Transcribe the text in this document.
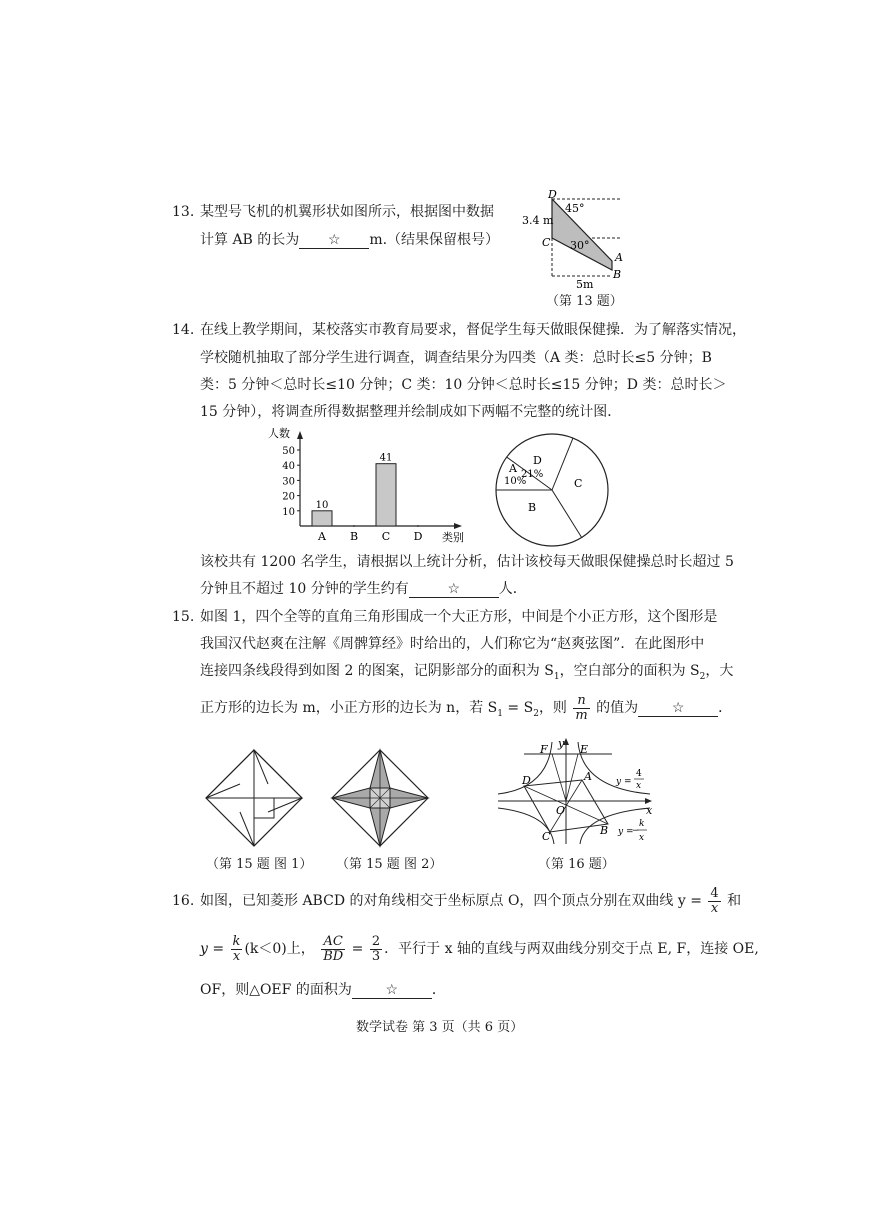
13. 某型号飞机的机翼形状如图所示，根据图中数据
计算 AB 的长为 ☆ m.（结果保留根号）
D
C
A
B
3.4 m
5m
45°
30°
（第 13 题）
14. 在线上教学期间，某校落实市教育局要求，督促学生每天做眼保健操．为了解落实情况，
学校随机抽取了部分学生进行调查，调查结果分为四类（A 类：总时长≤5 分钟；B
类：5 分钟＜总时长≤10 分钟；C 类：10 分钟＜总时长≤15 分钟；D 类：总时长＞
15 分钟），将调查所得数据整理并绘制成如下两幅不完整的统计图．
人数
类别
10
20
30
40
50
10
41
A B C D
D
21%
A
10%
B
C
该校共有 1200 名学生，请根据以上统计分析，估计该校每天做眼保健操总时长超过 5
分钟且不超过 10 分钟的学生约有	☆	人．
15. 如图 1，四个全等的直角三角形围成一个大正方形，中间是个小正方形，这个图形是
我国汉代赵爽在注解《周髀算经》时给出的，人们称它为“赵爽弦图”．在此图形中
连接四条线段得到如图 2 的图案，记阴影部分的面积为 $S_1$，空白部分的面积为 $S_2$，大
正方形的边长为 m，小正方形的边长为 n，若 $S_1 = S_2$，则 $\frac{n}{m}$ 的值为 ☆ ．
y
x
O
A
B
C
D
E
F
y =
4
x
y =
−
k
x
（第 15 题 图 1） （第 15 题 图 2）	（第 16 题）
16. 如图，已知菱形 ABCD 的对角线相交于坐标原点 O，四个顶点分别在双曲线 $y = \frac{4}{x}$ 和
$y = \frac{k}{x} (k<0)$上， $\frac{AC}{BD} = \frac{2}{3}$ ．平行于 x 轴的直线与两双曲线分别交于点 E, F，连接 OE,
OF，则△OEF 的面积为 ☆ ．
数学试卷 第 3 页（共 6 页）
